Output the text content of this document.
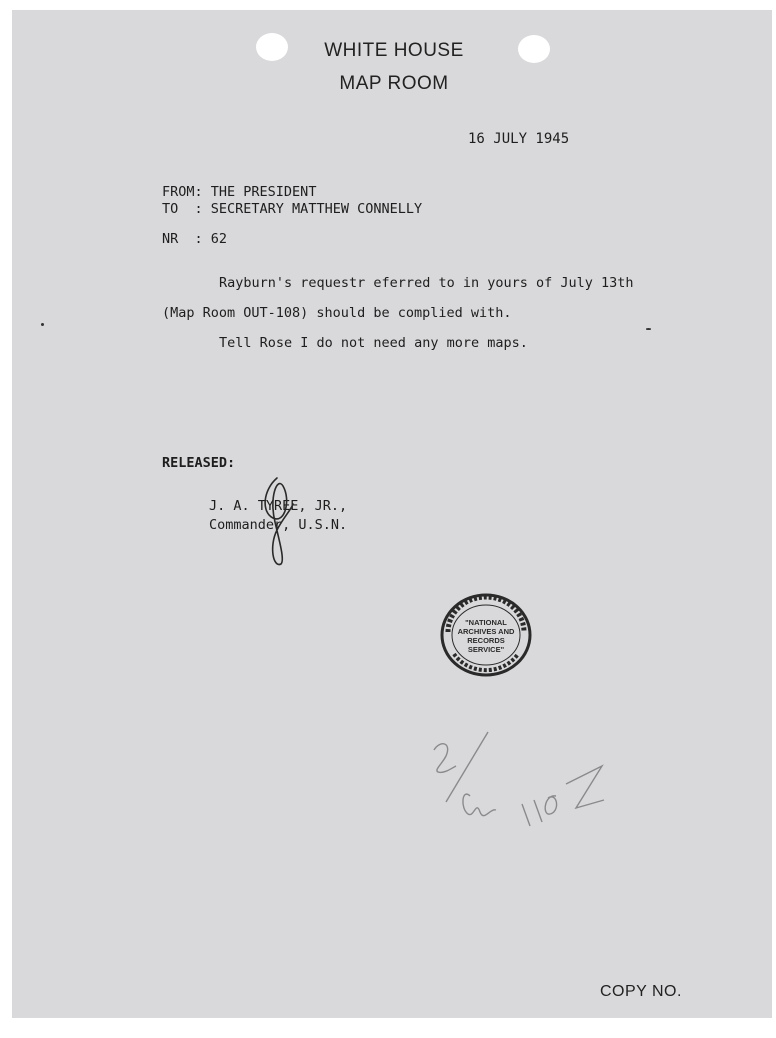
WHITE HOUSE
MAP ROOM
16 JULY 1945
FROM: THE PRESIDENT
TO  : SECRETARY MATTHEW CONNELLY
NR  : 62
Rayburn's requestr eferred to in yours of July 13th
(Map Room OUT-108) should be complied with.
Tell Rose I do not need any more maps.
RELEASED:
J. A. TYREE, JR.,
Commander, U.S.N.
"NATIONAL ARCHIVES AND RECORDS SERVICE"
COPY NO.
